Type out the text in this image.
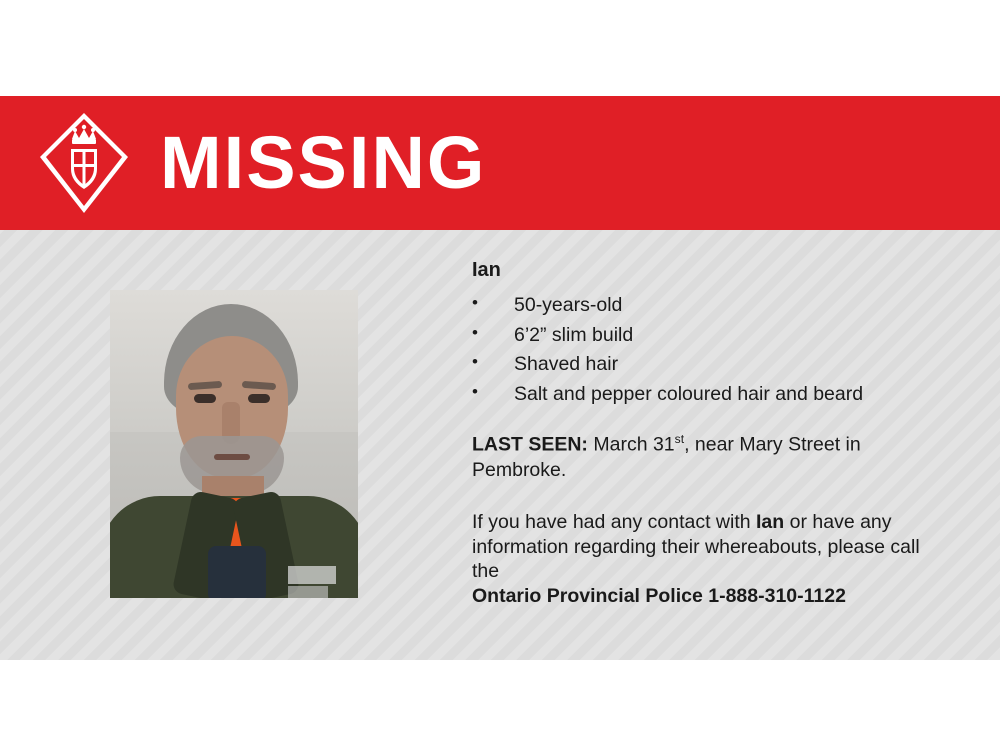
MISSING

Ian

• 50-years-old
• 6’2” slim build
• Shaved hair
• Salt and pepper coloured hair and beard

LAST SEEN: March 31st, near Mary Street in Pembroke.

If you have had any contact with Ian or have any information regarding their whereabouts, please call the
Ontario Provincial Police 1-888-310-1122
